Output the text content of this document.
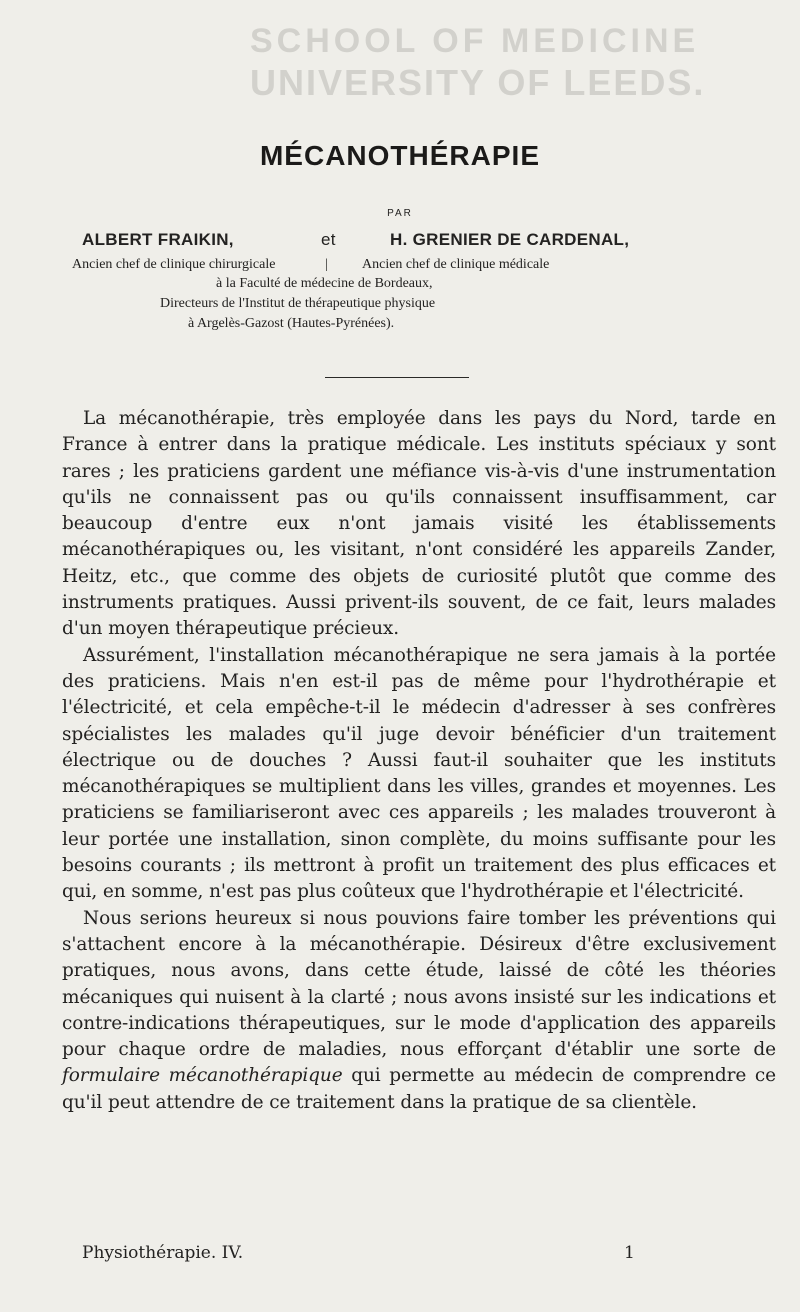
SCHOOL OF MEDICINE
UNIVERSITY OF LEEDS.
MÉCANOTHÉRAPIE
PAR
ALBERT FRAIKIN,	et	H. GRENIER DE CARDENAL,
Ancien chef de clinique chirurgicale	| Ancien chef de clinique médicale
à la Faculté de médecine de Bordeaux,
Directeurs de l'Institut de thérapeutique physique
à Argelès-Gazost (Hautes-Pyrénées).

La mécanothérapie, très employée dans les pays du Nord, tarde en France à entrer dans la pratique médicale. Les instituts spéciaux y sont rares ; les praticiens gardent une méfiance vis-à-vis d'une instrumentation qu'ils ne connaissent pas ou qu'ils connaissent insuffisamment, car beaucoup d'entre eux n'ont jamais visité les établissements mécanothérapiques ou, les visitant, n'ont considéré les appareils Zander, Heitz, etc., que comme des objets de curiosité plutôt que comme des instruments pratiques. Aussi privent-ils souvent, de ce fait, leurs malades d'un moyen thérapeutique précieux.

Assurément, l'installation mécanothérapique ne sera jamais à la portée des praticiens. Mais n'en est-il pas de même pour l'hydrothérapie et l'électricité, et cela empêche-t-il le médecin d'adresser à ses confrères spécialistes les malades qu'il juge devoir bénéficier d'un traitement électrique ou de douches ? Aussi faut-il souhaiter que les instituts mécanothérapiques se multiplient dans les villes, grandes et moyennes. Les praticiens se familiariseront avec ces appareils ; les malades trouveront à leur portée une installation, sinon complète, du moins suffisante pour les besoins courants ; ils mettront à profit un traitement des plus efficaces et qui, en somme, n'est pas plus coûteux que l'hydrothérapie et l'électricité.

Nous serions heureux si nous pouvions faire tomber les préventions qui s'attachent encore à la mécanothérapie. Désireux d'être exclusivement pratiques, nous avons, dans cette étude, laissé de côté les théories mécaniques qui nuisent à la clarté ; nous avons insisté sur les indications et contre-indications thérapeutiques, sur le mode d'application des appareils pour chaque ordre de maladies, nous efforçant d'établir une sorte de formulaire mécanothérapique qui permette au médecin de comprendre ce qu'il peut attendre de ce traitement dans la pratique de sa clientèle.

Physiothérapie. IV.	1
